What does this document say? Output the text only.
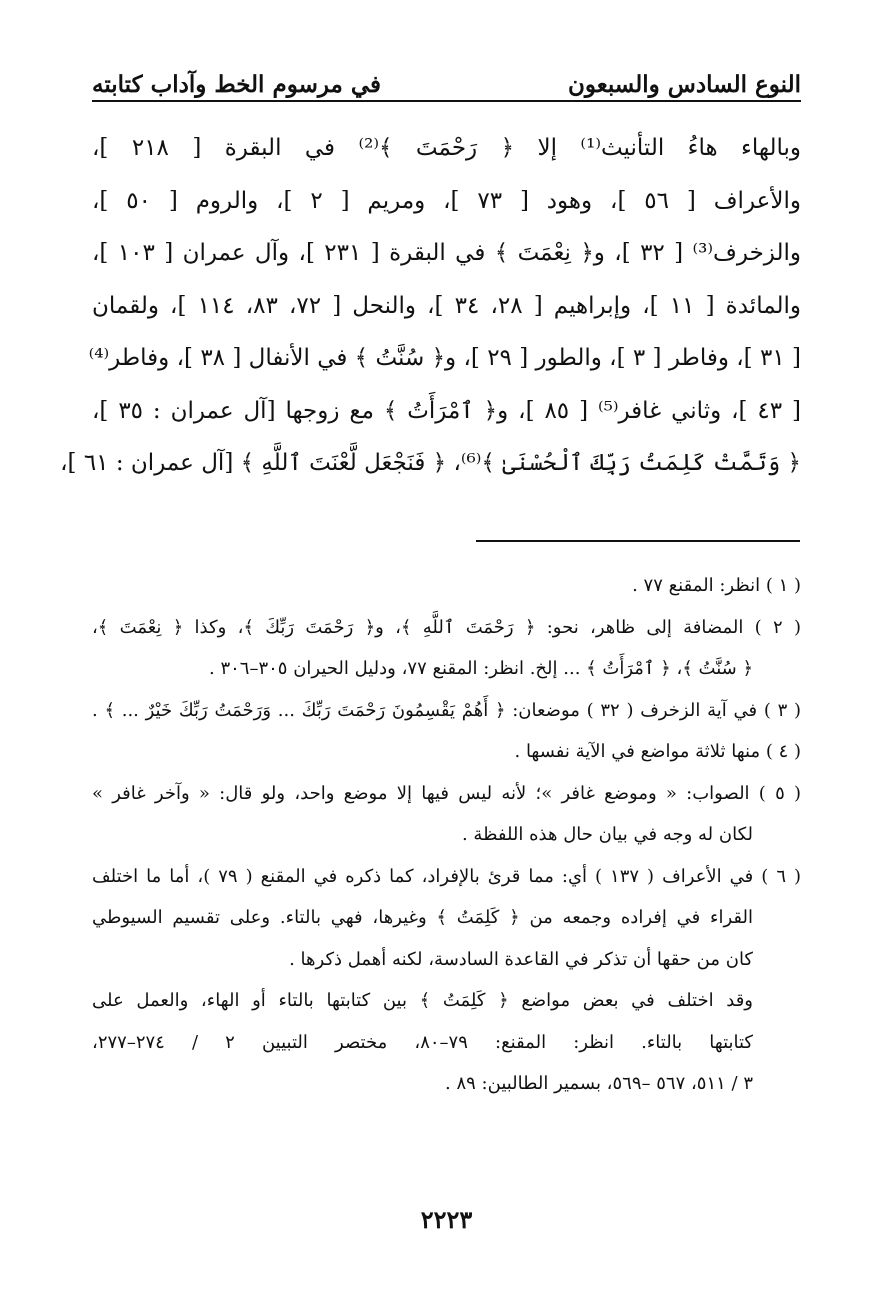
النوع السادس والسبعون
في مرسوم الخط وآداب كتابته
وبالهاء هاءُ التأنيث⁽¹⁾ إلا ﴿ رَحْمَتَ ﴾⁽²⁾ في البقرة [ ٢١٨ ]،
والأعراف [ ٥٦ ]، وهود [ ٧٣ ]، ومريم [ ٢ ]، والروم [ ٥٠ ]،
والزخرف⁽³⁾ [ ٣٢ ]، و﴿ نِعْمَتَ ﴾ في البقرة [ ٢٣١ ]، وآل عمران [ ١٠٣ ]،
والمائدة [ ١١ ]، وإبراهيم [ ٢٨، ٣٤ ]، والنحل [ ٧٢، ٨٣، ١١٤ ]، ولقمان
[ ٣١ ]، وفاطر [ ٣ ]، والطور [ ٢٩ ]، و﴿ سُنَّتُ ﴾ في الأنفال [ ٣٨ ]، وفاطر⁽⁴⁾
[ ٤٣ ]، وثاني غافر⁽⁵⁾ [ ٨٥ ]، و﴿ ٱمْرَأَتُ ﴾ مع زوجها [آل عمران : ٣٥ ]،
﴿ وَتَمَّتْ كَلِمَتُ رَبِّكَ ٱلْحُسْنَىٰ ﴾⁽⁶⁾، ﴿ فَنَجْعَل لَّعْنَتَ ٱللَّهِ ﴾ [آل عمران : ٦١ ]،
( ١ ) انظر: المقنع ٧٧ .
( ٢ ) المضافة إلى ظاهر، نحو: ﴿ رَحْمَتَ ٱللَّهِ ﴾، و﴿ رَحْمَتَ رَبِّكَ ﴾، وكذا ﴿ نِعْمَتَ ﴾،
﴿ سُنَّتُ ﴾، ﴿ ٱمْرَأَتُ ﴾ ... إلخ. انظر: المقنع ٧٧، ودليل الحيران ٣٠٥–٣٠٦ .
( ٣ ) في آية الزخرف ( ٣٢ ) موضعان: ﴿ أَهُمْ يَقْسِمُونَ رَحْمَتَ رَبِّكَ ... وَرَحْمَتُ رَبِّكَ خَيْرٌ ... ﴾ .
( ٤ ) منها ثلاثة مواضع في الآية نفسها .
( ٥ ) الصواب: « وموضع غافر »؛ لأنه ليس فيها إلا موضع واحد، ولو قال: « وآخر غافر »
لكان له وجه في بيان حال هذه اللفظة .
( ٦ ) في الأعراف ( ١٣٧ ) أي: مما قرئ بالإفراد، كما ذكره في المقنع ( ٧٩ )، أما ما اختلف
القراء في إفراده وجمعه من ﴿ كَلِمَتُ ﴾ وغيرها، فهي بالتاء. وعلى تقسيم السيوطي
كان من حقها أن تذكر في القاعدة السادسة، لكنه أهمل ذكرها .
وقد اختلف في بعض مواضع ﴿ كَلِمَتُ ﴾ بين كتابتها بالتاء أو الهاء، والعمل على
كتابتها بالتاء. انظر: المقنع: ٧٩–٨٠، مختصر التبيين ٢ / ٢٧٤–٢٧٧،
٣ / ٥١١، ٥٦٧ –٥٦٩، بسمير الطالبين: ٨٩ .
٢٢٢٣
